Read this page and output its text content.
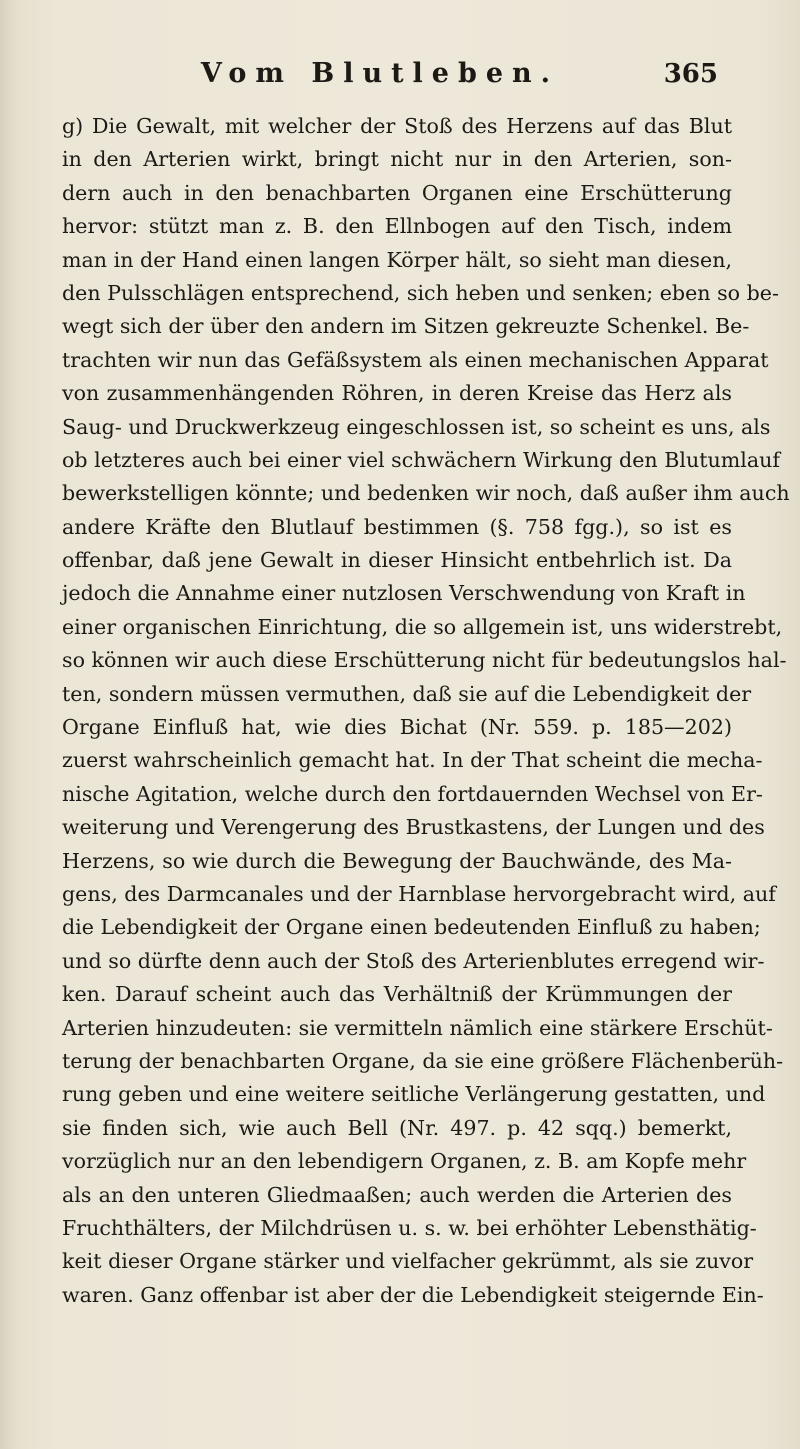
Vom Blutleben.	365
g) Die Gewalt, mit welcher der Stoß des Herzens auf das Blut
in den Arterien wirkt, bringt nicht nur in den Arterien, son-
dern auch in den benachbarten Organen eine Erschütterung
hervor: stützt man z. B. den Ellnbogen auf den Tisch, indem
man in der Hand einen langen Körper hält, so sieht man diesen,
den Pulsschlägen entsprechend, sich heben und senken; eben so be-
wegt sich der über den andern im Sitzen gekreuzte Schenkel. Be-
trachten wir nun das Gefäßsystem als einen mechanischen Apparat
von zusammenhängenden Röhren, in deren Kreise das Herz als
Saug- und Druckwerkzeug eingeschlossen ist, so scheint es uns, als
ob letzteres auch bei einer viel schwächern Wirkung den Blutumlauf
bewerkstelligen könnte; und bedenken wir noch, daß außer ihm auch
andere Kräfte den Blutlauf bestimmen (§. 758 fgg.), so ist es
offenbar, daß jene Gewalt in dieser Hinsicht entbehrlich ist. Da
jedoch die Annahme einer nutzlosen Verschwendung von Kraft in
einer organischen Einrichtung, die so allgemein ist, uns widerstrebt,
so können wir auch diese Erschütterung nicht für bedeutungslos hal-
ten, sondern müssen vermuthen, daß sie auf die Lebendigkeit der
Organe Einfluß hat, wie dies Bichat (Nr. 559. p. 185—202)
zuerst wahrscheinlich gemacht hat. In der That scheint die mecha-
nische Agitation, welche durch den fortdauernden Wechsel von Er-
weiterung und Verengerung des Brustkastens, der Lungen und des
Herzens, so wie durch die Bewegung der Bauchwände, des Ma-
gens, des Darmcanales und der Harnblase hervorgebracht wird, auf
die Lebendigkeit der Organe einen bedeutenden Einfluß zu haben;
und so dürfte denn auch der Stoß des Arterienblutes erregend wir-
ken. Darauf scheint auch das Verhältniß der Krümmungen der
Arterien hinzudeuten: sie vermitteln nämlich eine stärkere Erschüt-
terung der benachbarten Organe, da sie eine größere Flächenberüh-
rung geben und eine weitere seitliche Verlängerung gestatten, und
sie finden sich, wie auch Bell (Nr. 497. p. 42 sqq.) bemerkt,
vorzüglich nur an den lebendigern Organen, z. B. am Kopfe mehr
als an den unteren Gliedmaaßen; auch werden die Arterien des
Fruchthälters, der Milchdrüsen u. s. w. bei erhöhter Lebensthätig-
keit dieser Organe stärker und vielfacher gekrümmt, als sie zuvor
waren. Ganz offenbar ist aber der die Lebendigkeit steigernde Ein-
